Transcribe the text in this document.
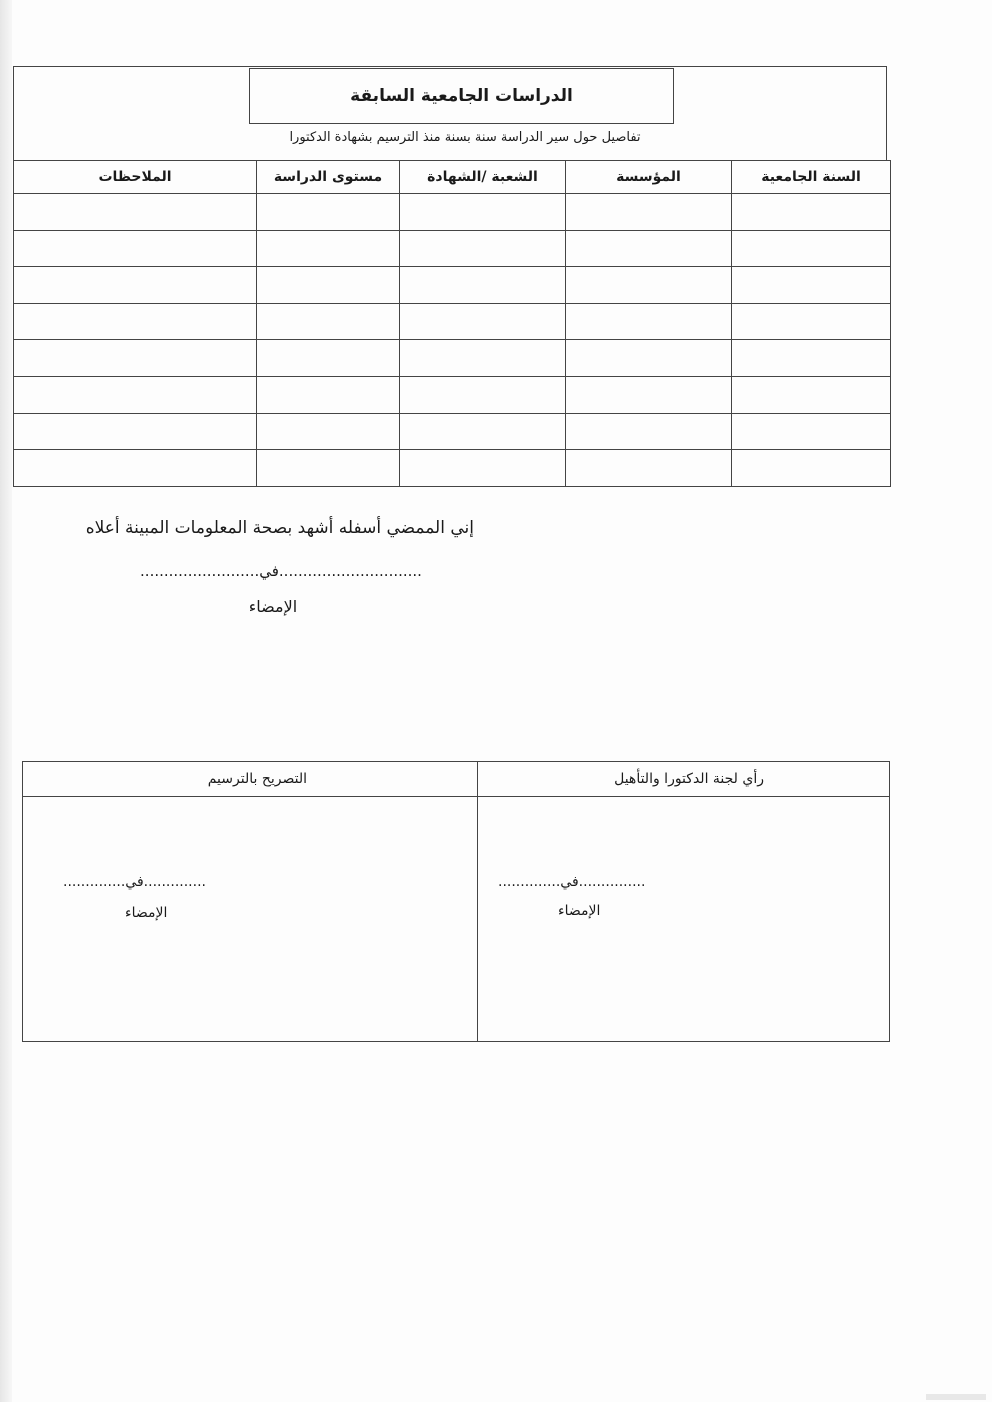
الدراسات الجامعية السابقة
تفاصيل حول سير الدراسة سنة بسنة منذ الترسيم بشهادة الدكتورا
السنة الجامعية	المؤسسة	الشعبة /الشهادة	مستوى الدراسة	الملاحظات

إني الممضي أسفله أشهد بصحة المعلومات المبينة أعلاه
..............................في.........................
الإمضاء
التصريح بالترسيم
..............في..............
الإمضاء
رأي لجنة الدكتورا والتأهيل
...............في..............
الإمضاء
